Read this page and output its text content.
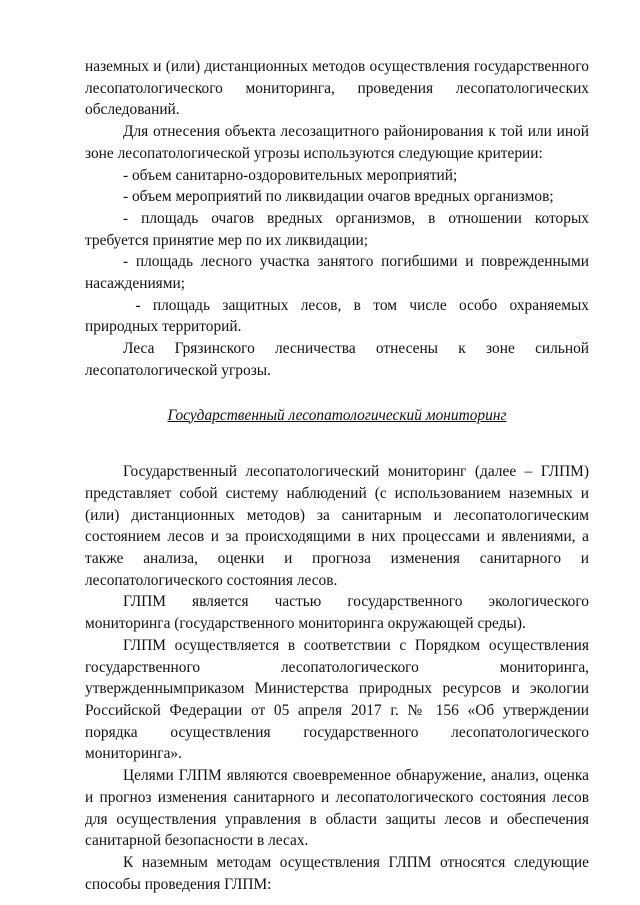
наземных и (или) дистанционных методов осуществления государственного лесопатологического мониторинга, проведения лесопатологических обследований.

Для отнесения объекта лесозащитного районирования к той или иной зоне лесопатологической угрозы используются следующие критерии:

- объем санитарно-оздоровительных мероприятий;

- объем мероприятий по ликвидации очагов вредных организмов;

- площадь очагов вредных организмов, в отношении которых требуется принятие мер по их ликвидации;

- площадь лесного участка занятого погибшими и поврежденными насаждениями;

- площадь защитных лесов, в том числе особо охраняемых природных территорий.

Леса Грязинского лесничества отнесены к зоне сильной лесопатологической угрозы.

Государственный лесопатологический мониторинг

Государственный лесопатологический мониторинг (далее – ГЛПМ) представляет собой систему наблюдений (с использованием наземных и (или) дистанционных методов) за санитарным и лесопатологическим состоянием лесов и за происходящими в них процессами и явлениями, а также анализа, оценки и прогноза изменения санитарного и лесопатологического состояния лесов.

ГЛПМ является частью государственного экологического мониторинга (государственного мониторинга окружающей среды).

ГЛПМ осуществляется в соответствии с Порядком осуществления государственного лесопатологического мониторинга, утвержденнымприказом Министерства природных ресурсов и экологии Российской Федерации от 05 апреля 2017 г. № 156 «Об утверждении порядка осуществления государственного лесопатологического мониторинга».

Целями ГЛПМ являются своевременное обнаружение, анализ, оценка и прогноз изменения санитарного и лесопатологического состояния лесов для осуществления управления в области защиты лесов и обеспечения санитарной безопасности в лесах.

К наземным методам осуществления ГЛПМ относятся следующие способы проведения ГЛПМ:
